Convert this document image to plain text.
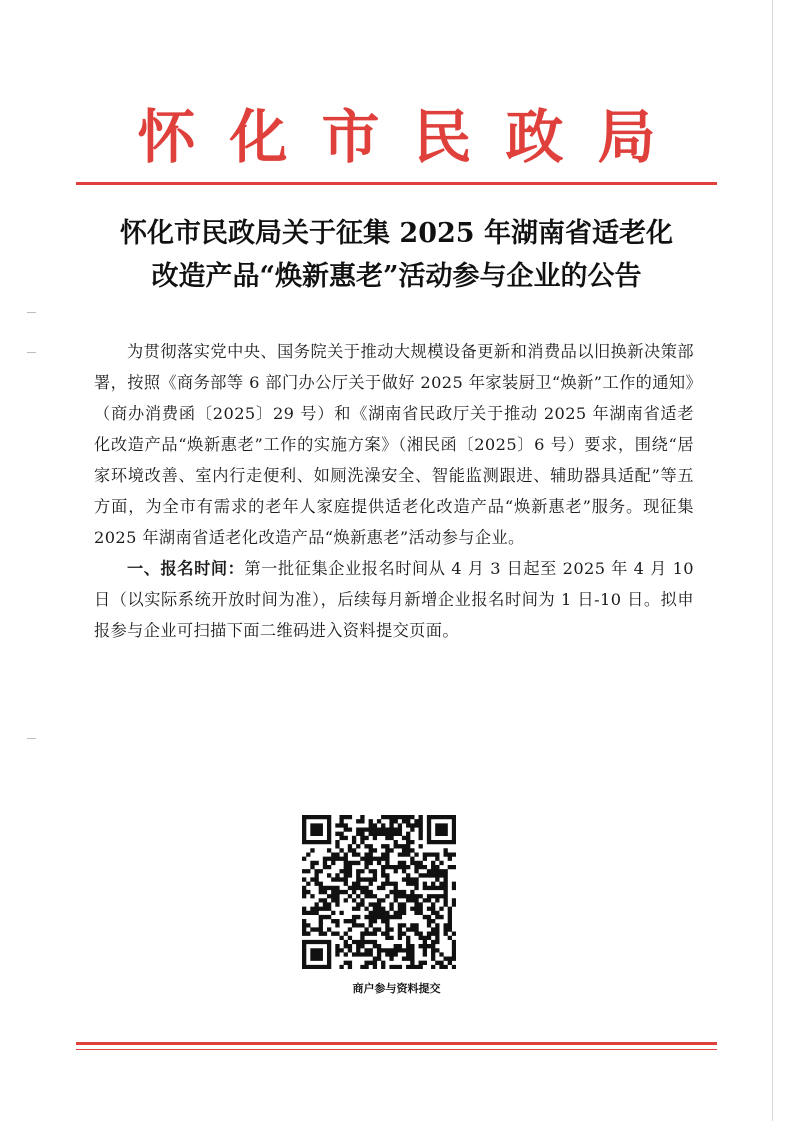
怀化市民政局
怀化市民政局关于征集 2025 年湖南省适老化
改造产品“焕新惠老”活动参与企业的公告

为贯彻落实党中央、国务院关于推动大规模设备更新和消费品以旧换新决策部署，按照《商务部等 6 部门办公厅关于做好 2025 年家装厨卫“焕新”工作的通知》（商办消费函〔2025〕29 号）和《湖南省民政厅关于推动 2025 年湖南省适老化改造产品“焕新惠老”工作的实施方案》（湘民函〔2025〕6 号）要求，围绕“居家环境改善、室内行走便利、如厕洗澡安全、智能监测跟进、辅助器具适配”等五方面，为全市有需求的老年人家庭提供适老化改造产品“焕新惠老”服务。现征集 2025 年湖南省适老化改造产品“焕新惠老”活动参与企业。

一、报名时间：第一批征集企业报名时间从 4 月 3 日起至 2025 年 4 月 10 日（以实际系统开放时间为准），后续每月新增企业报名时间为 1 日-10 日。拟申报参与企业可扫描下面二维码进入资料提交页面。

商户参与资料提交
